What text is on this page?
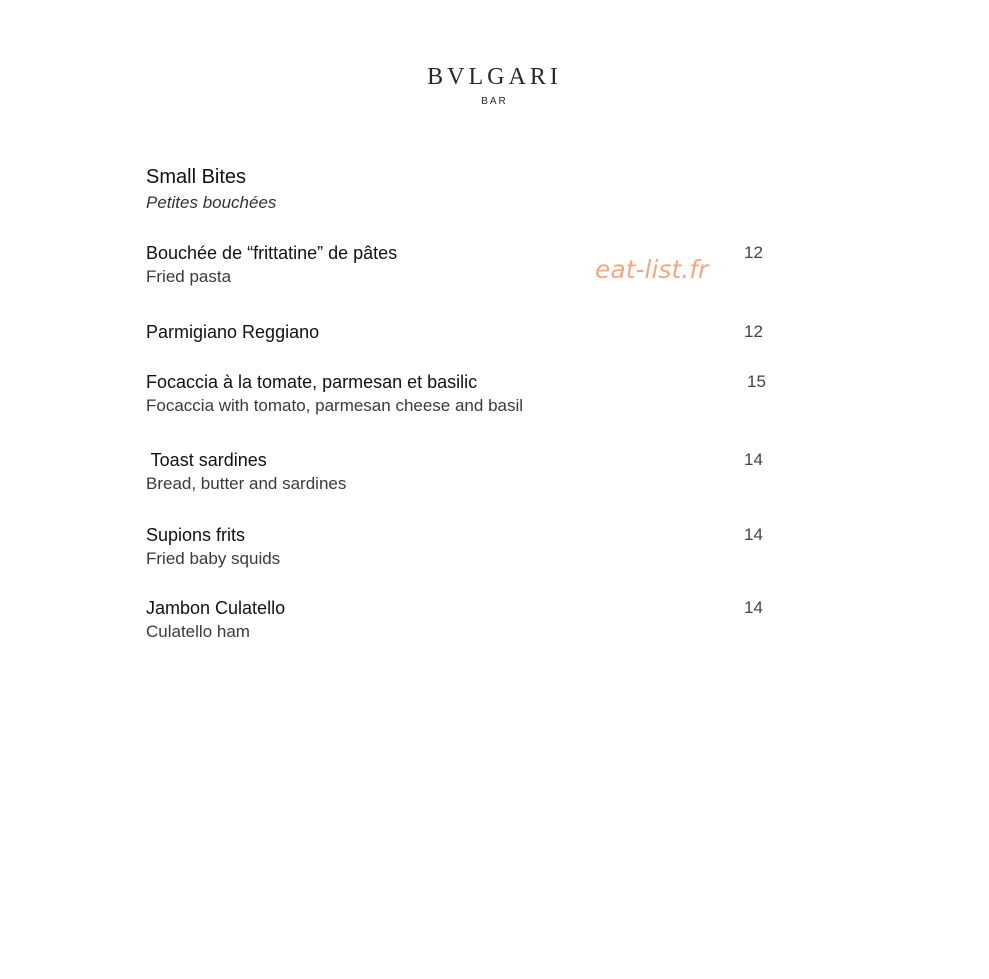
BVLGARI
BAR
Small Bites
Petites bouchées
Bouchée de “frittatine” de pâtes
Fried pasta
12
Parmigiano Reggiano	12
Focaccia à la tomate, parmesan et basilic
Focaccia with tomato, parmesan cheese and basil
15
Toast sardines
Bread, butter and sardines
14
Supions frits
Fried baby squids
14
Jambon Culatello
Culatello ham
14
eat-list.fr
